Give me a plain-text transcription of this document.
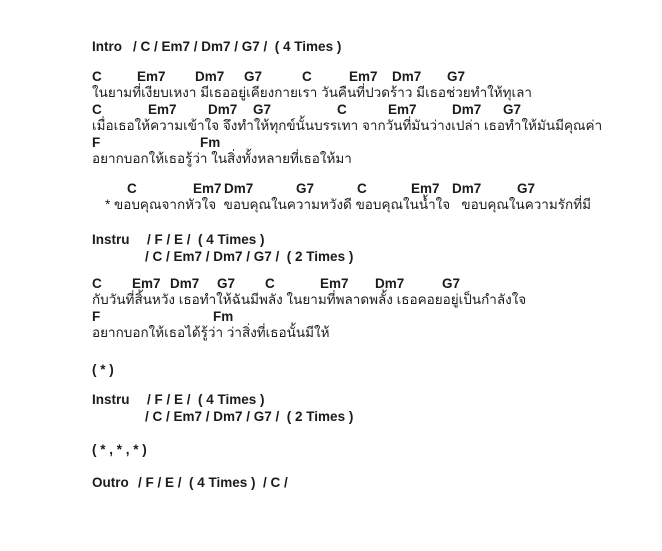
Intro / C / Em7 / Dm7 / G7 /  ( 4 Times )
C	Em7 Dm7 G7	C	Em7 Dm7 G7
ในยามที่เงียบเหงา มีเธออยู่เคียงกายเรา วันคืนที่ปวดร้าว มีเธอช่วยทำให้ทุเลา
C	Em7 Dm7 G7	C	Em7	Dm7 G7
เมื่อเธอให้ความเข้าใจ จึงทำให้ทุกข์นั้นบรรเทา จากวันที่มันว่างเปล่า เธอทำให้มันมีคุณค่า
F	Fm
อยากบอกให้เธอรู้ว่า ในสิ่งทั้งหลายที่เธอให้มา
C	Em7 Dm7	G7	C	Em7 Dm7	G7
* ขอบคุณจากหัวใจ  ขอบคุณในความหวังดี ขอบคุณในน้ำใจ   ขอบคุณในความรักที่มี
Instru / F / E /  ( 4 Times )
/ C / Em7 / Dm7 / G7 /  ( 2 Times )
C Em7 Dm7 G7 C	Em7 Dm7	G7
กับวันที่สิ้นหวัง เธอทำให้ฉันมีพลัง ในยามที่พลาดพลั้ง เธอคอยอยู่เป็นกำลังใจ
F	Fm
อยากบอกให้เธอได้รู้ว่า ว่าสิ่งที่เธอนั้นมีให้
( * )
Instru / F / E /  ( 4 Times )
/ C / Em7 / Dm7 / G7 /  ( 2 Times )
( * , * , * )
Outro / F / E /  ( 4 Times )  / C /
